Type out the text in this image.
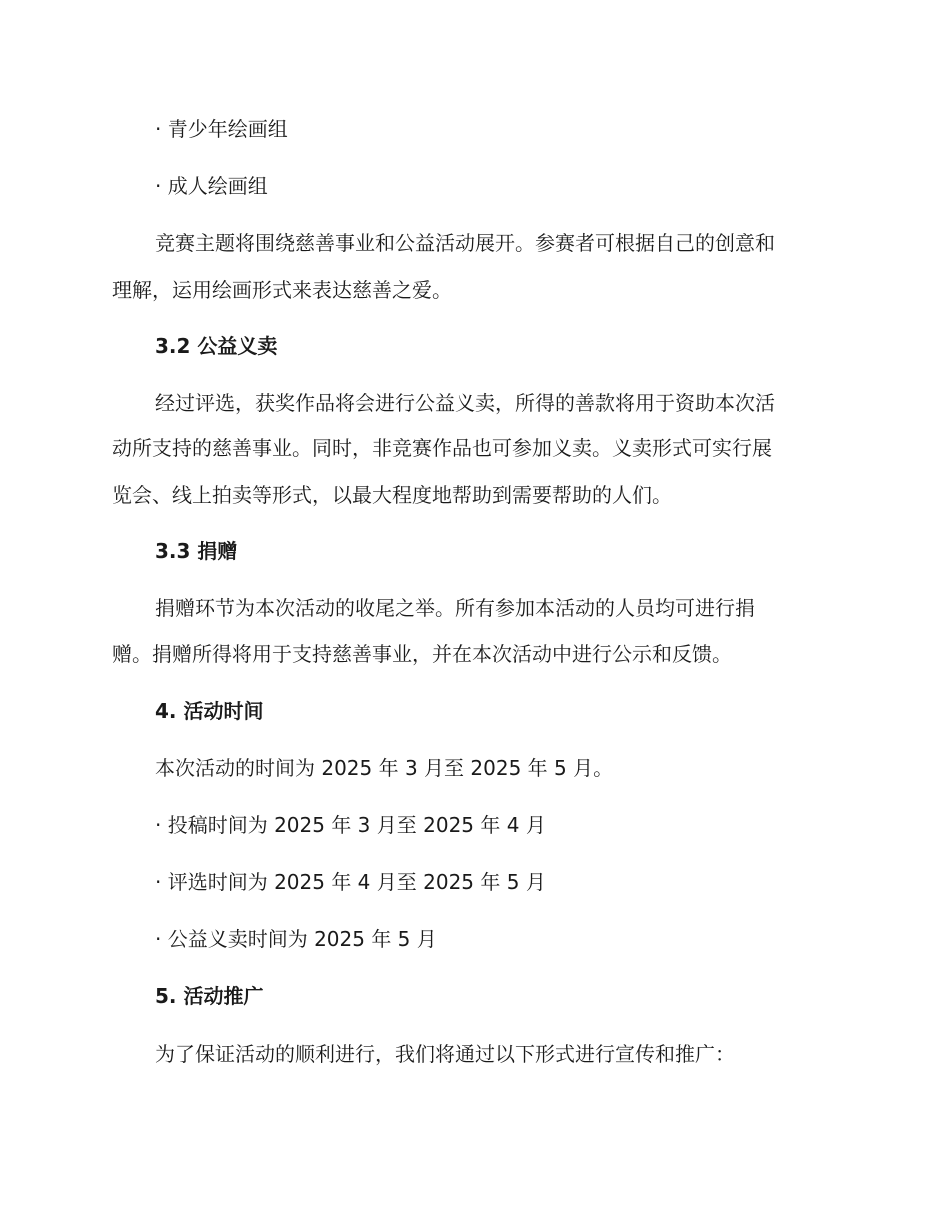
· 青少年绘画组

· 成人绘画组

竞赛主题将围绕慈善事业和公益活动展开。参赛者可根据自己的创意和

理解，运用绘画形式来表达慈善之爱。

3.2 公益义卖

经过评选，获奖作品将会进行公益义卖，所得的善款将用于资助本次活

动所支持的慈善事业。同时，非竞赛作品也可参加义卖。义卖形式可实行展

览会、线上拍卖等形式，以最大程度地帮助到需要帮助的人们。

3.3 捐赠

捐赠环节为本次活动的收尾之举。所有参加本活动的人员均可进行捐

赠。捐赠所得将用于支持慈善事业，并在本次活动中进行公示和反馈。

4. 活动时间

本次活动的时间为 2025 年 3 月至 2025 年 5 月。

· 投稿时间为 2025 年 3 月至 2025 年 4 月

· 评选时间为 2025 年 4 月至 2025 年 5 月

· 公益义卖时间为 2025 年 5 月

5. 活动推广

为了保证活动的顺利进行，我们将通过以下形式进行宣传和推广：
